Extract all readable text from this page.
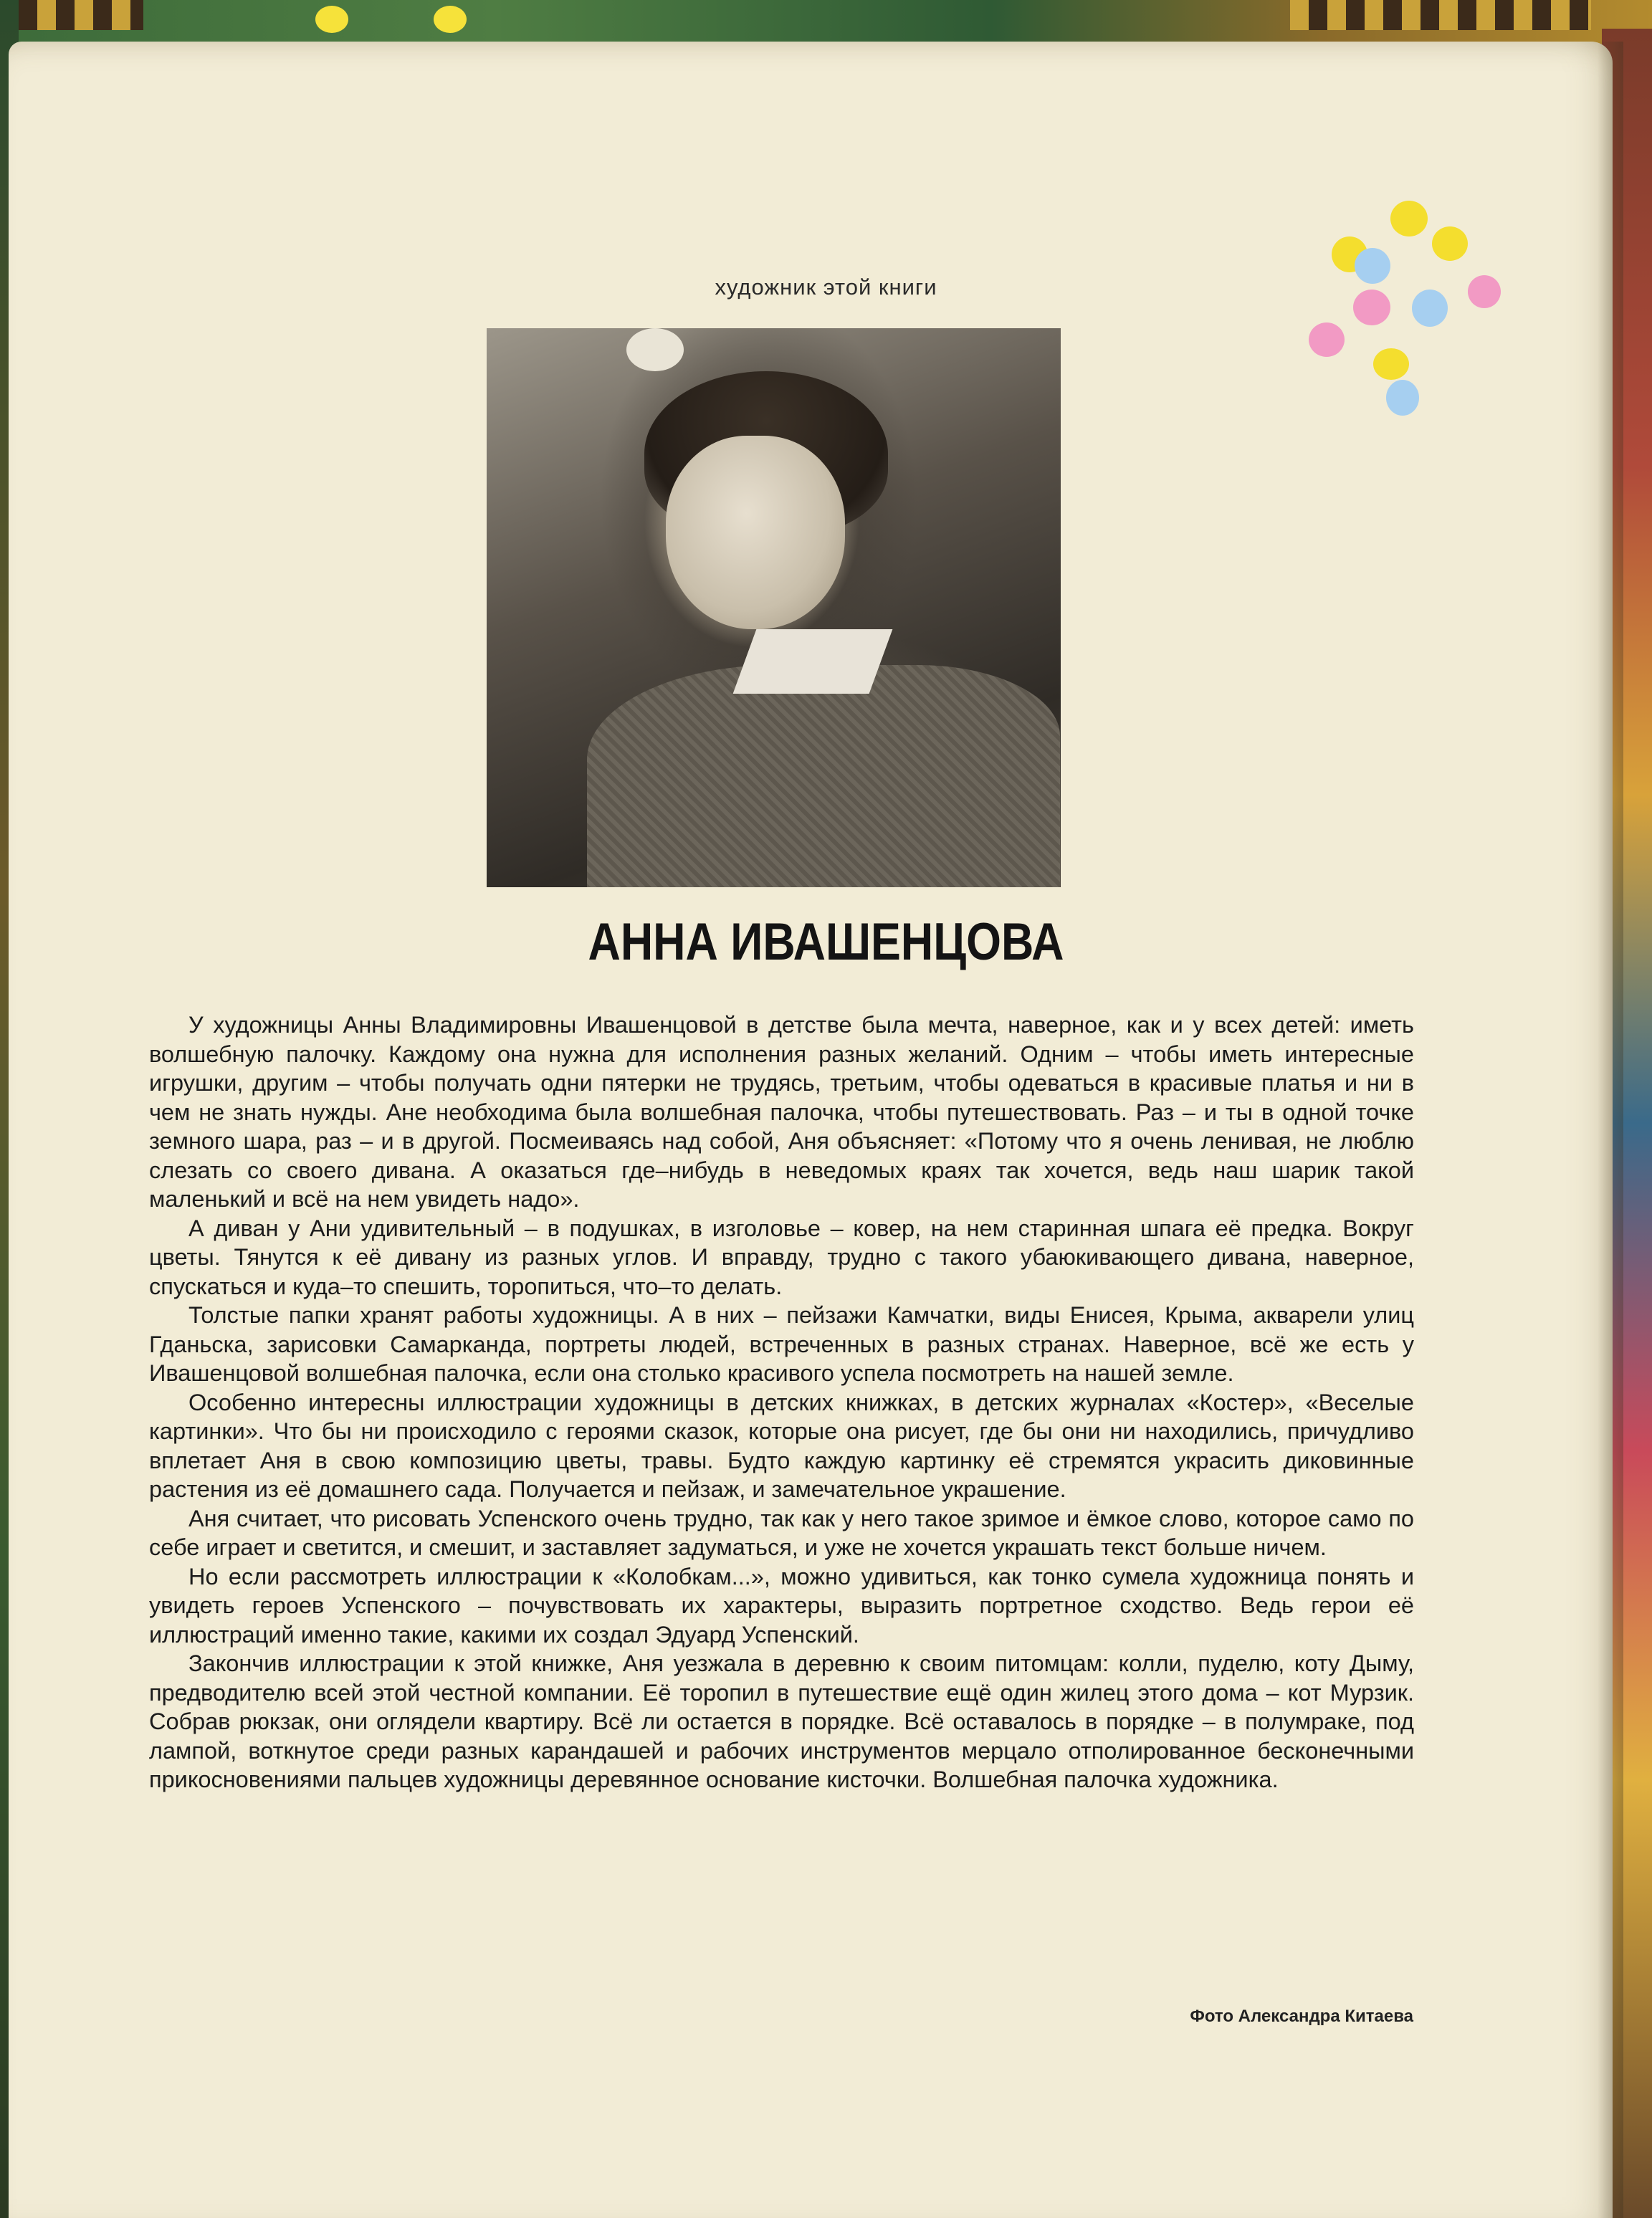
художник этой книги
АННА ИВАШЕНЦОВА

У художницы Анны Владимировны Ивашенцовой в детстве была мечта, наверное, как и у всех детей: иметь волшебную палочку. Каждому она нужна для исполнения разных желаний. Одним – чтобы иметь интересные игрушки, другим – чтобы получать одни пятерки не трудясь, третьим, чтобы одеваться в красивые платья и ни в чем не знать нужды. Ане необходима была волшебная палочка, чтобы путешествовать. Раз – и ты в одной точке земного шара, раз – и в другой. Посмеиваясь над собой, Аня объясняет: «Потому что я очень ленивая, не люблю слезать со своего дивана. А оказаться где–нибудь в неведомых краях так хочется, ведь наш шарик такой маленький и всё на нем увидеть надо».

А диван у Ани удивительный – в подушках, в изголовье – ковер, на нем старинная шпага её предка. Вокруг цветы. Тянутся к её дивану из разных углов. И вправду, трудно с такого убаюкивающего дивана, наверное, спускаться и куда–то спешить, торопиться, что–то делать.

Толстые папки хранят работы художницы. А в них – пейзажи Камчатки, виды Енисея, Крыма, акварели улиц Гданьска, зарисовки Самарканда, портреты людей, встреченных в разных странах. Наверное, всё же есть у Ивашенцовой волшебная палочка, если она столько красивого успела посмотреть на нашей земле.

Особенно интересны иллюстрации художницы в детских книжках, в детских журналах «Костер», «Веселые картинки». Что бы ни происходило с героями сказок, которые она рисует, где бы они ни находились, причудливо вплетает Аня в свою композицию цветы, травы. Будто каждую картинку её стремятся украсить диковинные растения из её домашнего сада. Получается и пейзаж, и замечательное украшение.

Аня считает, что рисовать Успенского очень трудно, так как у него такое зримое и ёмкое слово, которое само по себе играет и светится, и смешит, и заставляет задуматься, и уже не хочется украшать текст больше ничем.

Но если рассмотреть иллюстрации к «Колобкам...», можно удивиться, как тонко сумела художница понять и увидеть героев Успенского – почувствовать их характеры, выразить портретное сходство. Ведь герои её иллюстраций именно такие, какими их создал Эдуард Успенский.

Закончив иллюстрации к этой книжке, Аня уезжала в деревню к своим питомцам: колли, пуделю, коту Дыму, предводителю всей этой честной компании. Её торопил в путешествие ещё один жилец этого дома – кот Мурзик. Собрав рюкзак, они оглядели квартиру. Всё ли остается в порядке. Всё оставалось в порядке – в полумраке, под лампой, воткнутое среди разных карандашей и рабочих инструментов мерцало отполированное бесконечными прикосновениями пальцев художницы деревянное основание кисточки. Волшебная палочка художника.

Фото Александра Китаева
